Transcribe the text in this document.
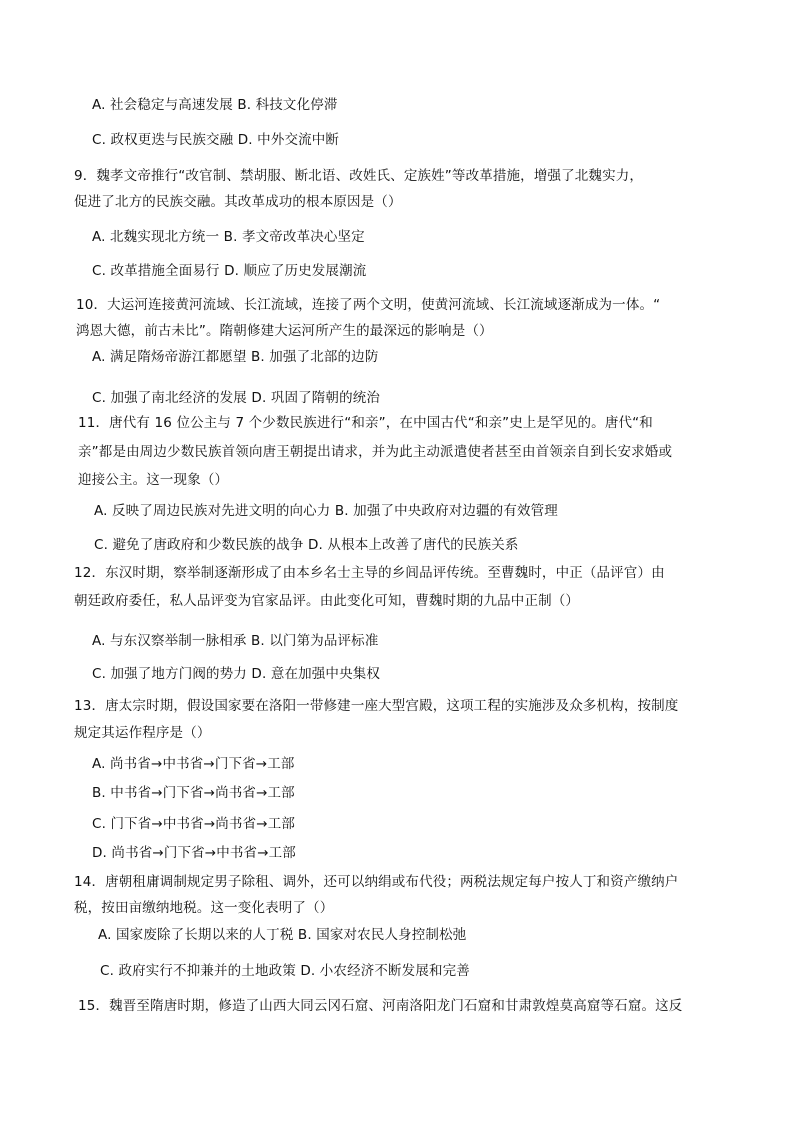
A. 社会稳定与高速发展 B. 科技文化停滞
C. 政权更迭与民族交融 D. 中外交流中断
9．魏孝文帝推行“改官制、禁胡服、断北语、改姓氏、定族姓”等改革措施，增强了北魏实力，
促进了北方的民族交融。其改革成功的根本原因是（）
A. 北魏实现北方统一 B. 孝文帝改革决心坚定
C. 改革措施全面易行 D. 顺应了历史发展潮流
10．大运河连接黄河流域、长江流域，连接了两个文明，使黄河流域、长江流域逐渐成为一体。“
鸿恩大德，前古未比”。隋朝修建大运河所产生的最深远的影响是（）
A. 满足隋炀帝游江都愿望 B. 加强了北部的边防
C. 加强了南北经济的发展 D. 巩固了隋朝的统治
11．唐代有 16 位公主与 7 个少数民族进行“和亲”，在中国古代“和亲”史上是罕见的。唐代“和
亲”都是由周边少数民族首领向唐王朝提出请求，并为此主动派遣使者甚至由首领亲自到长安求婚或
迎接公主。这一现象（）
A. 反映了周边民族对先进文明的向心力 B. 加强了中央政府对边疆的有效管理
C. 避免了唐政府和少数民族的战争 D. 从根本上改善了唐代的民族关系
12．东汉时期，察举制逐渐形成了由本乡名士主导的乡闾品评传统。至曹魏时，中正（品评官）由
朝廷政府委任，私人品评变为官家品评。由此变化可知，曹魏时期的九品中正制（）
A. 与东汉察举制一脉相承 B. 以门第为品评标准
C. 加强了地方门阀的势力 D. 意在加强中央集权
13．唐太宗时期，假设国家要在洛阳一带修建一座大型宫殿，这项工程的实施涉及众多机构，按制度
规定其运作程序是（）
A. 尚书省→中书省→门下省→工部
B. 中书省→门下省→尚书省→工部
C. 门下省→中书省→尚书省→工部
D. 尚书省→门下省→中书省→工部
14．唐朝租庸调制规定男子除租、调外，还可以纳绢或布代役；两税法规定每户按人丁和资产缴纳户
税，按田亩缴纳地税。这一变化表明了（）
A. 国家废除了长期以来的人丁税 B. 国家对农民人身控制松弛
C. 政府实行不抑兼并的土地政策 D. 小农经济不断发展和完善
15．魏晋至隋唐时期，修造了山西大同云冈石窟、河南洛阳龙门石窟和甘肃敦煌莫高窟等石窟。这反
